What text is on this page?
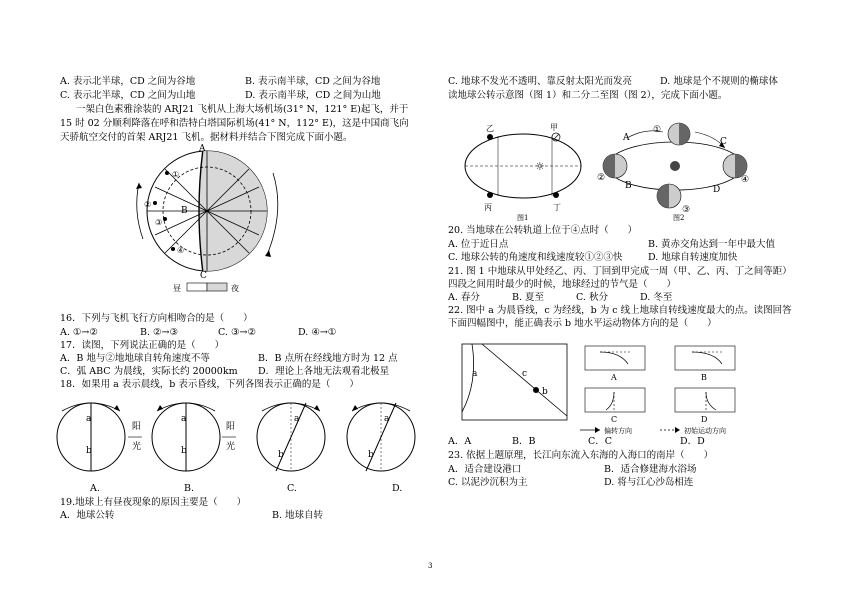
A. 表示北半球，CD 之间为谷地	B. 表示南半球，CD 之间为谷地
C. 表示北半球，CD 之间为山地	D. 表示南半球，CD 之间为山地
一架白色素雅涂装的 ARJ21 飞机从上海大场机场(31° N，121° E)起飞，并于
15 时 02 分顺利降落在呼和浩特白塔国际机场(41° N，112° E)，这是中国商飞向
天骄航空交付的首架 ARJ21 飞机。据材料并结合下图完成下面小题。
A
B
C
①
②
③
④
昼	夜
16．下列与飞机飞行方向相吻合的是（　　）
A. ①→②	B. ②→③	C. ③→②	D. ④→①
17．读图，下列说法正确的是（　　）
A．B 地与②地地球自转角速度不等	B．B 点所在经线地方时为 12 点
C．弧 ABC 为晨线，实际长约 20000km D．理论上各地无法观看北极星
18．如果用 a 表示晨线，b 表示昏线，下列各图表示正确的是（　　）
a
b
阳
光
a
b
阳
光
a
b
a
b
A.	B.	C.	D.
19.地球上有昼夜现象的原因主要是（　　）
A．地球公转	B. 地球自转
C. 地球不发光不透明、靠反射太阳光而发亮	D. 地球是个不规则的椭球体
读地球公转示意图（图 1）和二分二至图（图 2），完成下面小题。
☼
乙	甲
丙	丁
图1
A
B
C
D
①
②
③
④
图2
20. 当地球在公转轨道上位于④点时（　　）
A. 位于近日点	B. 黄赤交角达到一年中最大值
C. 地球公转的角速度和线速度较①②③快	D. 地球自转速度加快
21. 图 1 中地球从甲处经乙、丙、丁回到甲完成一周（甲、乙、丙、丁之间等距）
四段之间用时最少的时候，地球经过的节气是（　　）
A. 春分	B. 夏至	C. 秋分	D. 冬至
22. 图中 a 为晨昏线，c 为经线，b 为 c 线上地球自转线速度最大的点。读图回答
下面四幅图中，能正确表示 b 地水平运动物体方向的是（　　）
a	c
b
A	B
C	D
偏转方向	初始运动方向
A．A	B．B	C．C	D．D
23. 依据上题原理，长江向东流入东海的入海口的南岸（　　）
A．适合建设港口	B．适合修建海水浴场
C. 以泥沙沉积为主	D. 将与江心沙岛相连
3
